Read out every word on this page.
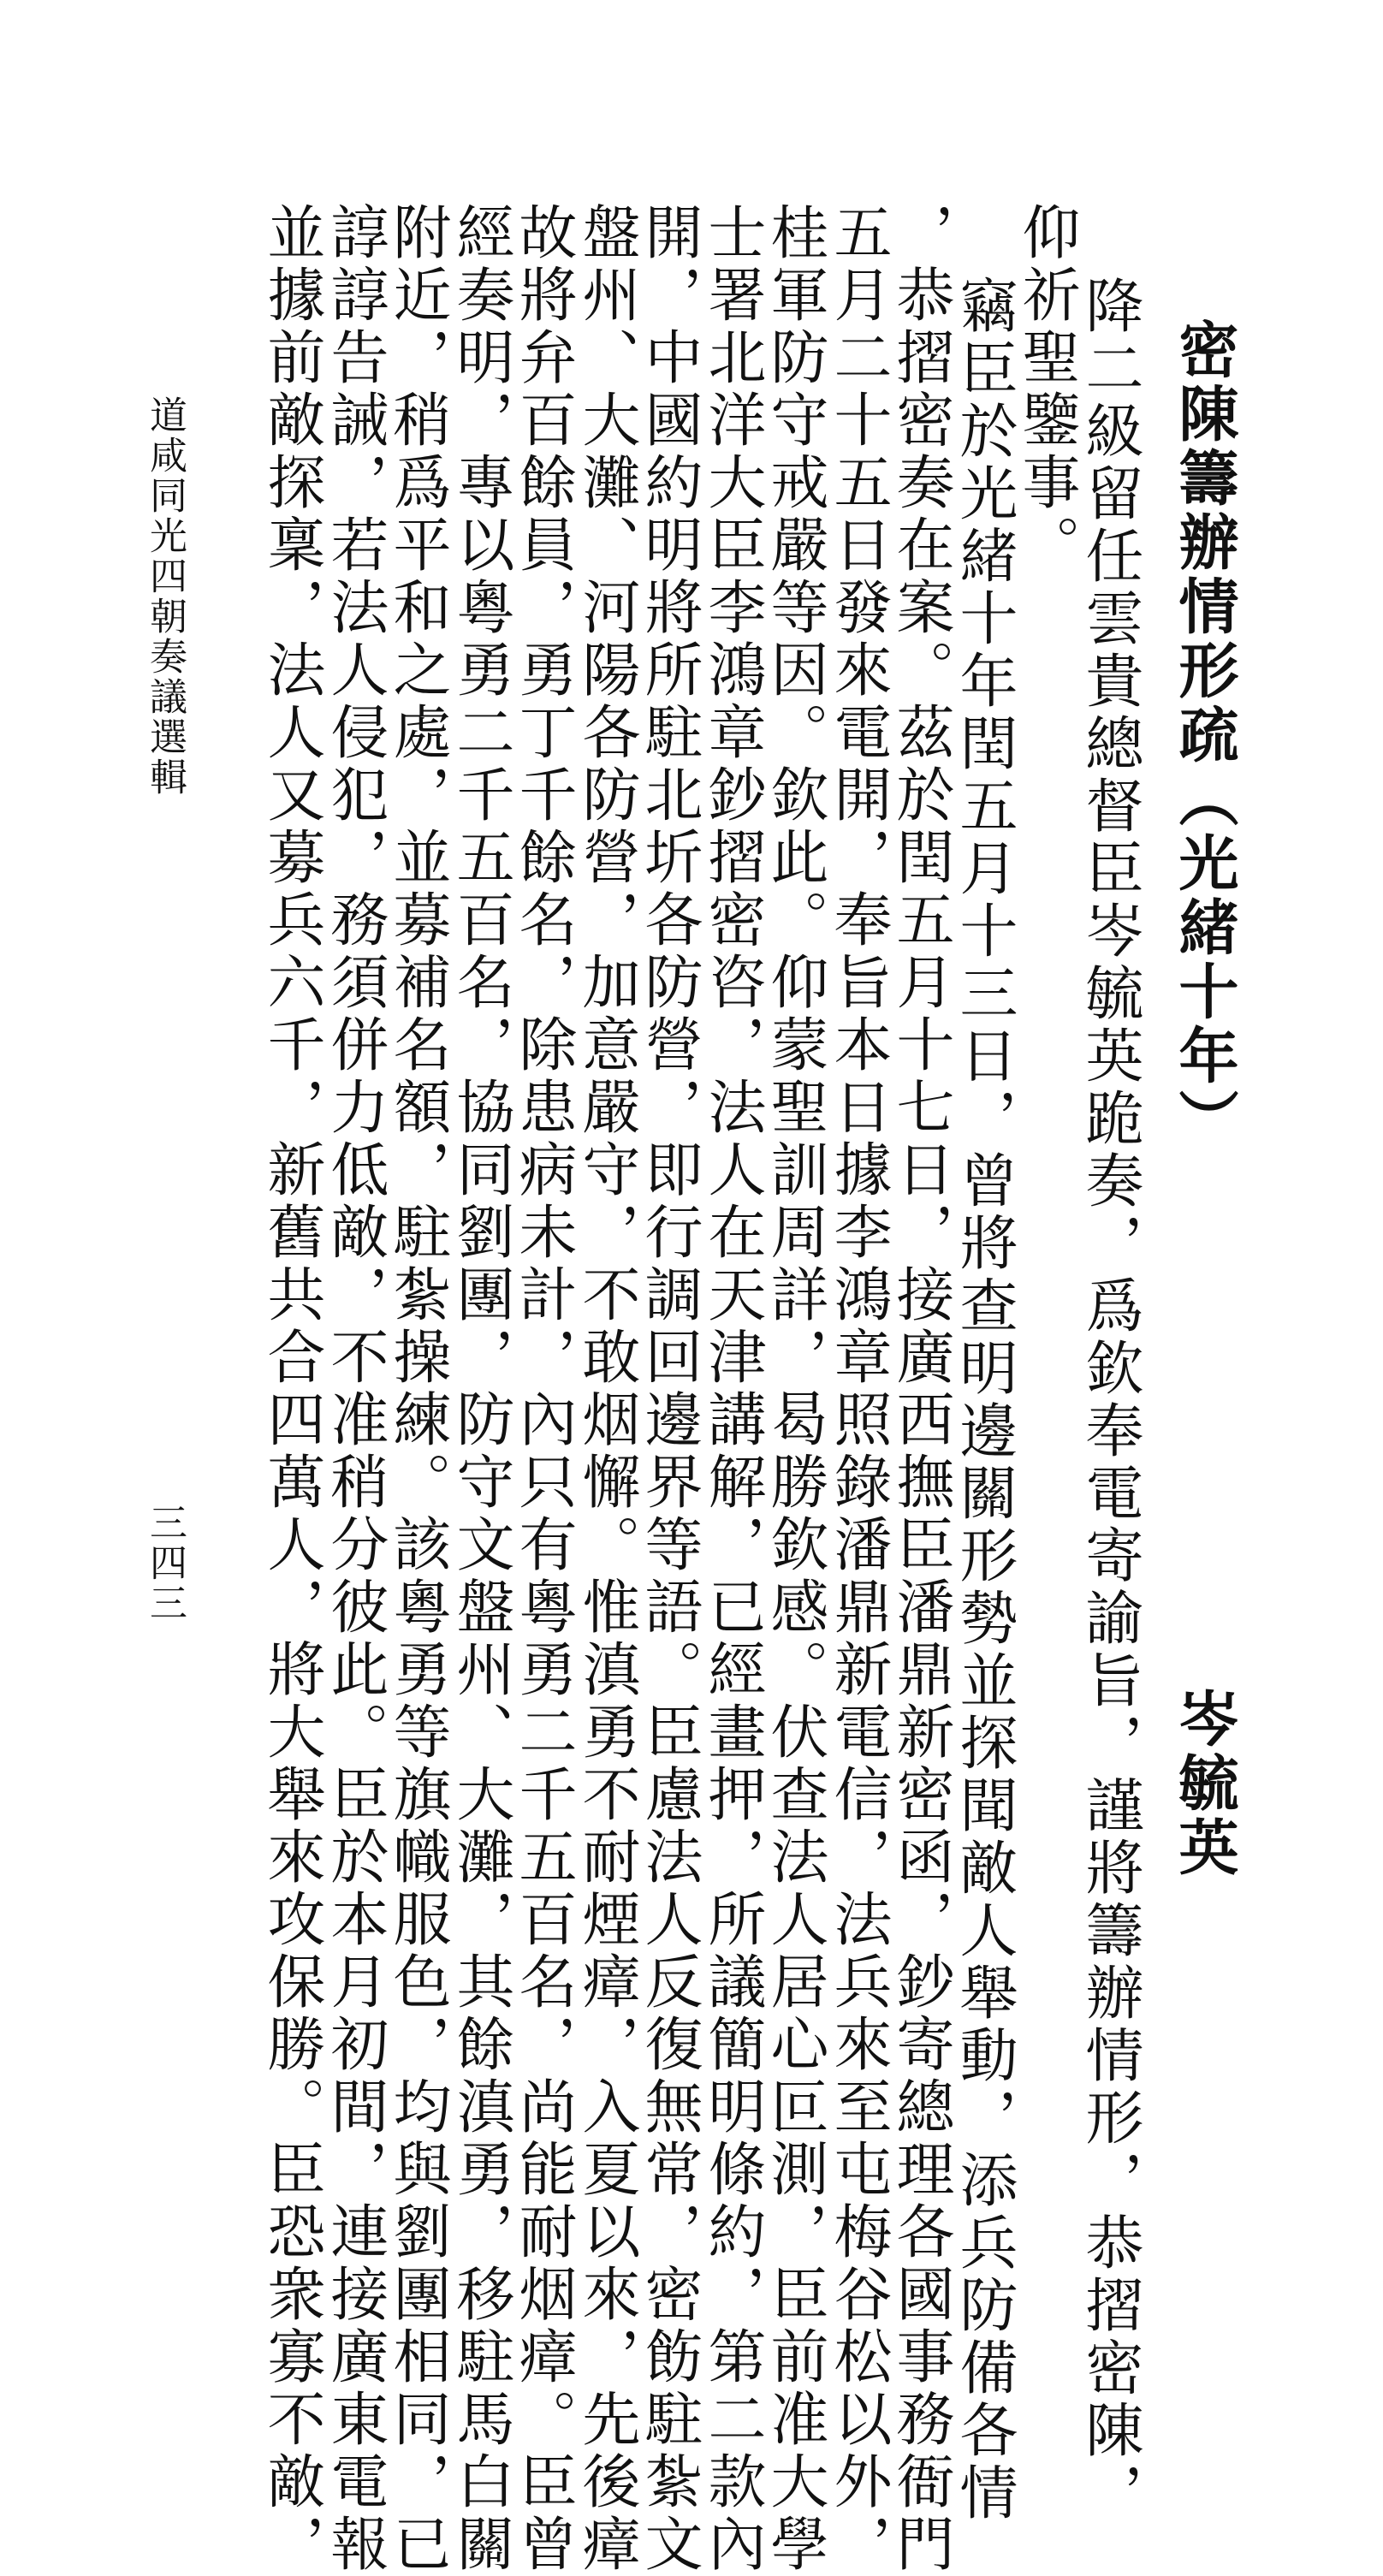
密陳籌辦情形疏（光緒十年）
岑毓英
降二級留任雲貴總督臣岑毓英跪奏，爲欽奉電寄諭旨，謹將籌辦情形，恭摺密陳，
仰祈聖鑒事。
竊臣於光緒十年閏五月十三日，曾將查明邊關形勢並探聞敵人舉動，添兵防備各情
，恭摺密奏在案。茲於閏五月十七日，接廣西撫臣潘鼎新密函，鈔寄總理各國事務衙門
五月二十五日發來電開，奉旨本日據李鴻章照錄潘鼎新電信，法兵來至屯梅谷松以外，
桂軍防守戒嚴等因。欽此。仰蒙聖訓周詳，曷勝欽感。伏查法人居心叵測，臣前准大學
士署北洋大臣李鴻章鈔摺密咨，法人在天津講解，已經畫押，所議簡明條約，第二款內
開，中國約明將所駐北圻各防營，即行調回邊界等語。臣慮法人反復無常，密飭駐紮文
盤州、大灘、河陽各防營，加意嚴守，不敢烟懈。惟滇勇不耐煙瘴，入夏以來，先後瘴
故將弁百餘員，勇丁千餘名，除患病未計，內只有粵勇二千五百名，尚能耐烟瘴。臣曾
經奏明，專以粵勇二千五百名，協同劉團，防守文盤州、大灘，其餘滇勇，移駐馬白關
附近，稍爲平和之處，並募補名額，駐紮操練。該粵勇等旗幟服色，均與劉團相同，已
諄諄告誡，若法人侵犯，務須併力低敵，不准稍分彼此。臣於本月初間，連接廣東電報
並據前敵探稟，法人又募兵六千，新舊共合四萬人，將大舉來攻保勝。臣恐衆寡不敵，
道咸同光四朝奏議選輯
三四三
